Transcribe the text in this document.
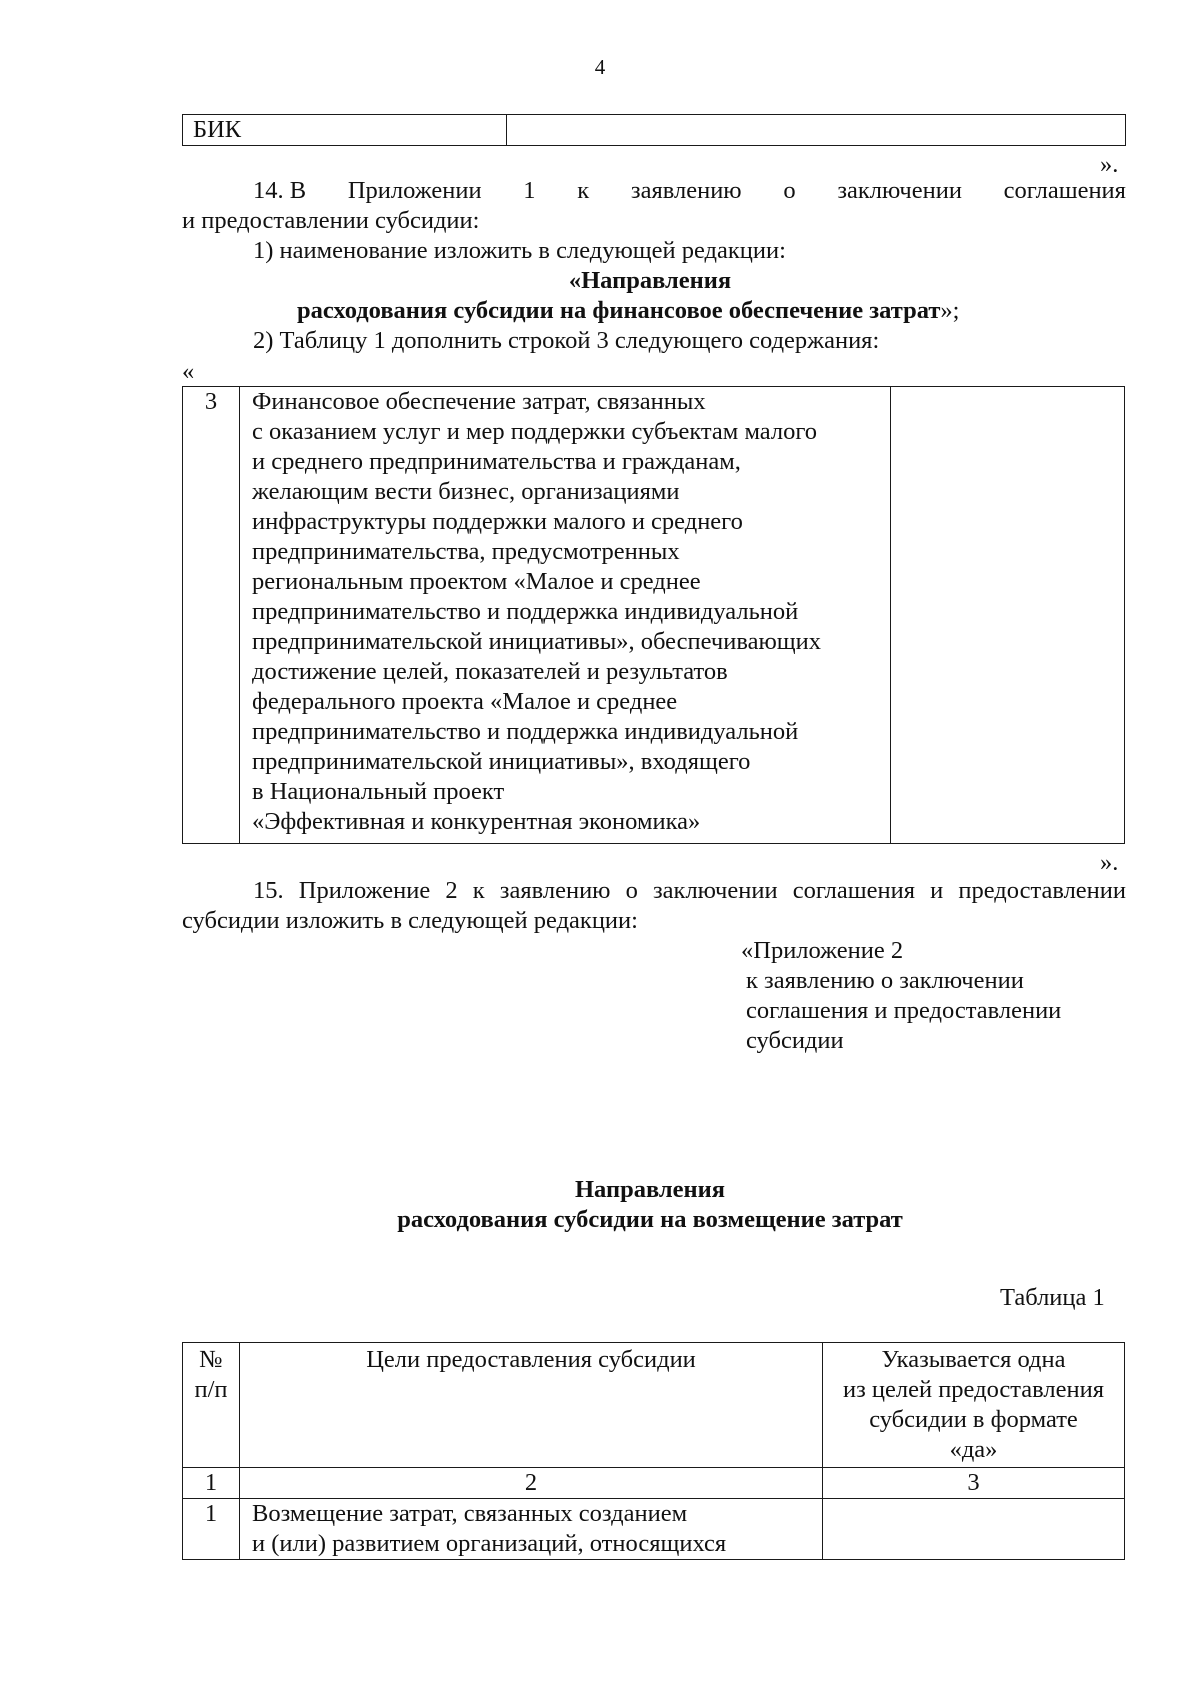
4
БИК	
».
14. В Приложении 1 к заявлению о заключении соглашения
и предоставлении субсидии:
1) наименование изложить в следующей редакции:
«Направления
расходования субсидии на финансовое обеспечение затрат»;
2) Таблицу 1 дополнить строкой 3 следующего содержания:
«
3	Финансовое обеспечение затрат, связанных
с оказанием услуг и мер поддержки субъектам малого
и среднего предпринимательства и гражданам,
желающим вести бизнес, организациями
инфраструктуры поддержки малого и среднего
предпринимательства, предусмотренных
региональным проектом «Малое и среднее
предпринимательство и поддержка индивидуальной
предпринимательской инициативы», обеспечивающих
достижение целей, показателей и результатов
федерального проекта «Малое и среднее
предпринимательство и поддержка индивидуальной
предпринимательской инициативы», входящего
в Национальный проект
«Эффективная и конкурентная экономика»

».
15. Приложение 2 к заявлению о заключении соглашения и предоставлении
субсидии изложить в следующей редакции:
«Приложение 2
к заявлению о заключении
соглашения и предоставлении
субсидии
Направления
расходования субсидии на возмещение затрат
Таблица 1
№
п/п	Цели предоставления субсидии	Указывается одна
из целей предоставления
субсидии в формате
«да»

1	2	3
1	Возмещение затрат, связанных созданием
и (или) развитием организаций, относящихся	
